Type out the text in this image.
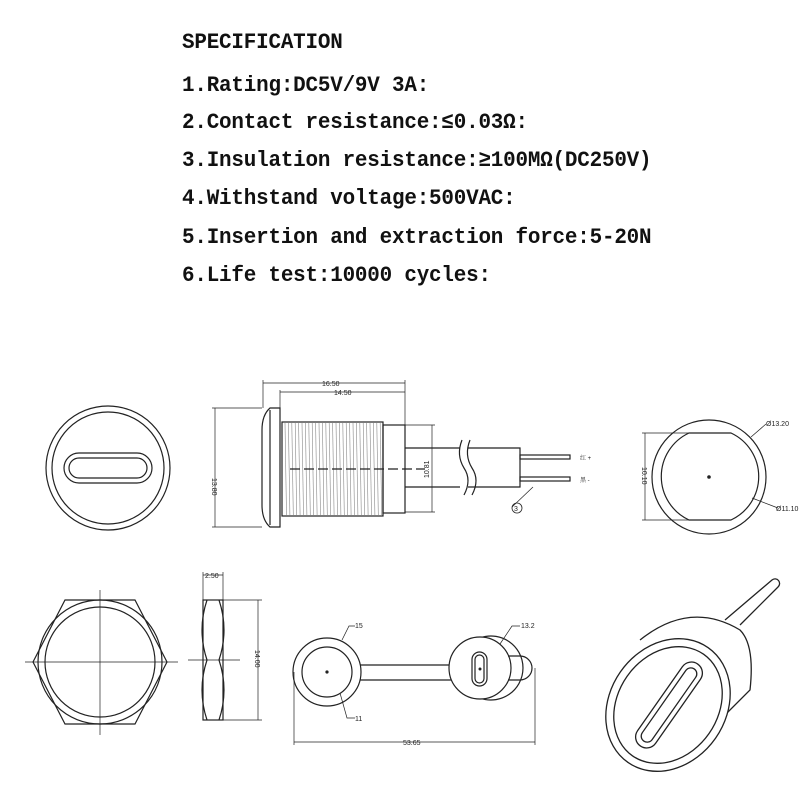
SPECIFICATION
1.Rating:DC5V/9V 3A:
2.Contact resistance:≤0.03Ω:
3.Insulation resistance:≥100MΩ(DC250V)
4.Withstand voltage:500VAC:
5.Insertion and extraction force:5-20N
6.Life test:10000 cycles:
16.50
14.50
13.80
10.81
红 +
黑 -
3
Ø13.20
Ø11.10
10.10
2.50
14.00
15
11
13.2
53.65
